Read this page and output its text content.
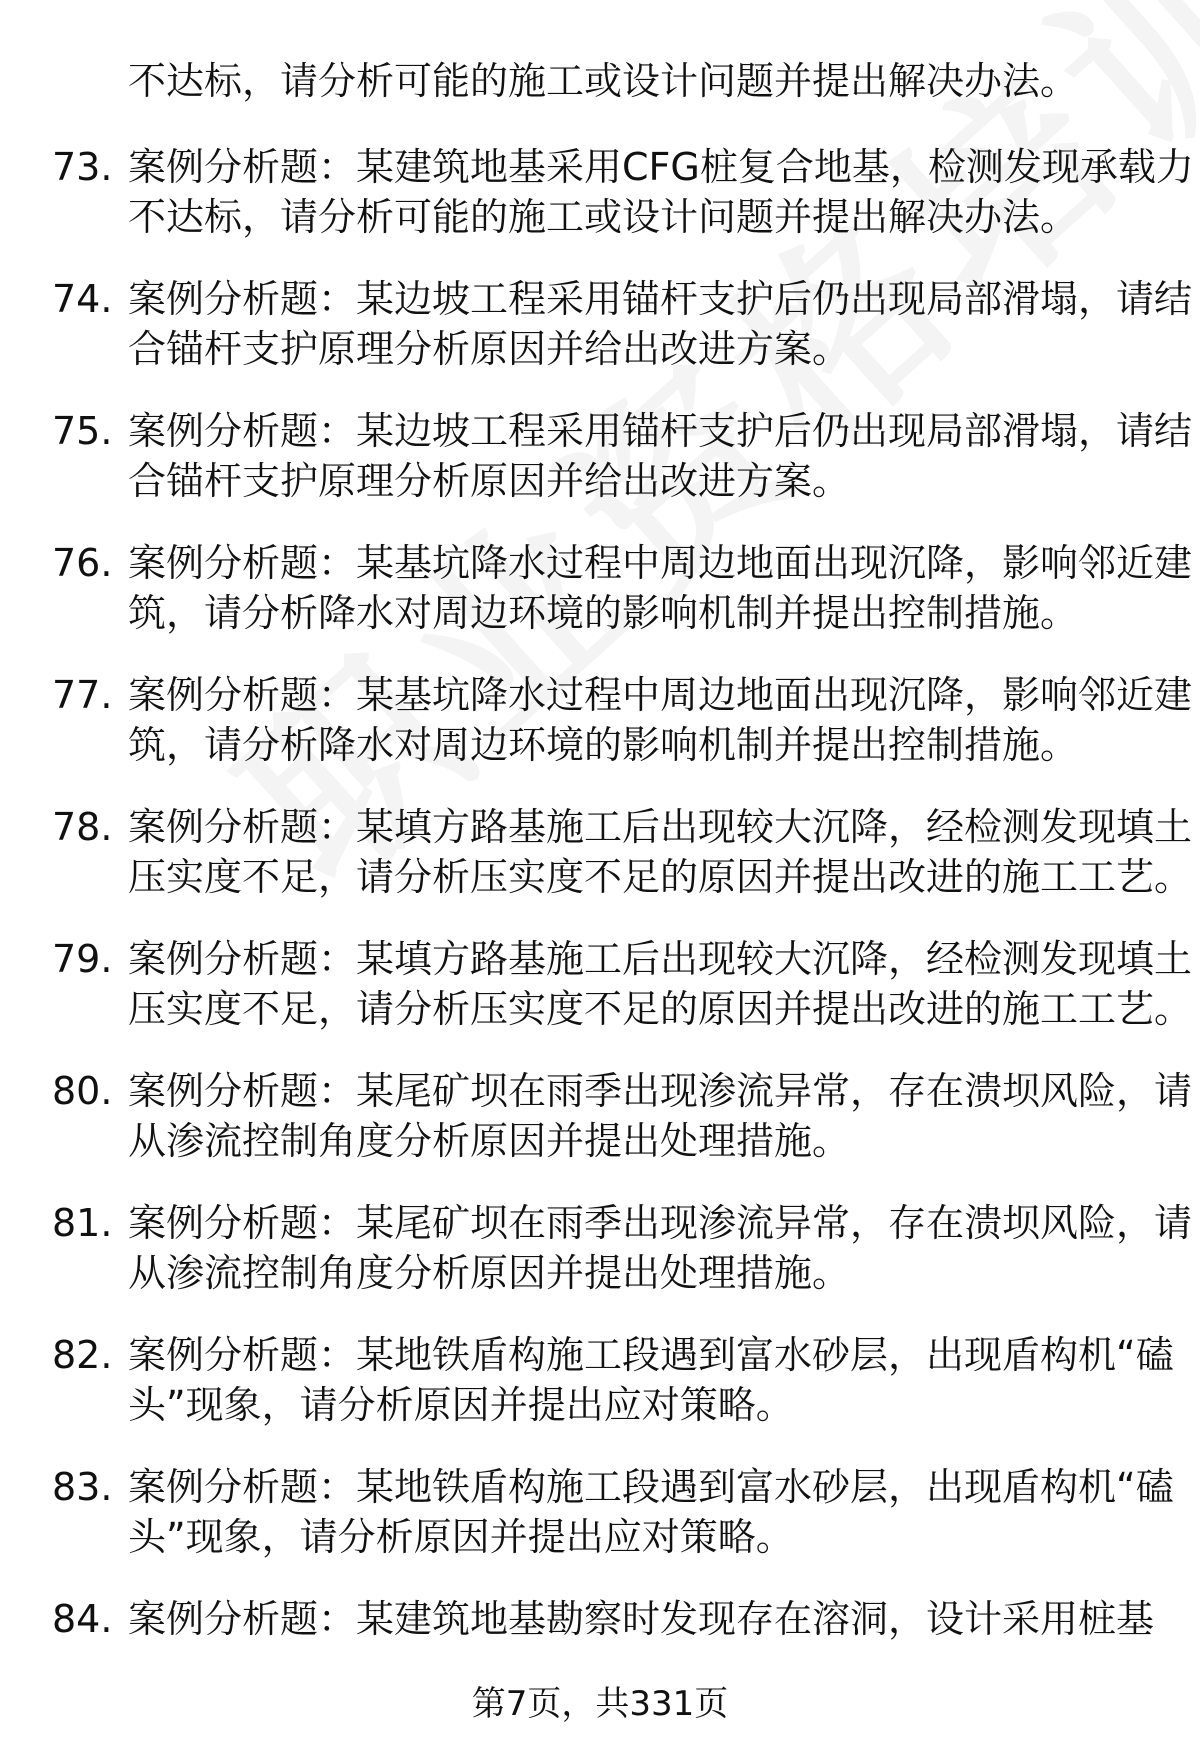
不达标，请分析可能的施工或设计问题并提出解决办法。
73. 案例分析题：某建筑地基采用CFG桩复合地基，检测发现承载力
不达标，请分析可能的施工或设计问题并提出解决办法。
74. 案例分析题：某边坡工程采用锚杆支护后仍出现局部滑塌，请结
合锚杆支护原理分析原因并给出改进方案。
75. 案例分析题：某边坡工程采用锚杆支护后仍出现局部滑塌，请结
合锚杆支护原理分析原因并给出改进方案。
76. 案例分析题：某基坑降水过程中周边地面出现沉降，影响邻近建
筑，请分析降水对周边环境的影响机制并提出控制措施。
77. 案例分析题：某基坑降水过程中周边地面出现沉降，影响邻近建
筑，请分析降水对周边环境的影响机制并提出控制措施。
78. 案例分析题：某填方路基施工后出现较大沉降，经检测发现填土
压实度不足，请分析压实度不足的原因并提出改进的施工工艺。
79. 案例分析题：某填方路基施工后出现较大沉降，经检测发现填土
压实度不足，请分析压实度不足的原因并提出改进的施工工艺。
80. 案例分析题：某尾矿坝在雨季出现渗流异常，存在溃坝风险，请
从渗流控制角度分析原因并提出处理措施。
81. 案例分析题：某尾矿坝在雨季出现渗流异常，存在溃坝风险，请
从渗流控制角度分析原因并提出处理措施。
82. 案例分析题：某地铁盾构施工段遇到富水砂层，出现盾构机“磕
头”现象，请分析原因并提出应对策略。
83. 案例分析题：某地铁盾构施工段遇到富水砂层，出现盾构机“磕
头”现象，请分析原因并提出应对策略。
84. 案例分析题：某建筑地基勘察时发现存在溶洞，设计采用桩基
第7页，共331页
